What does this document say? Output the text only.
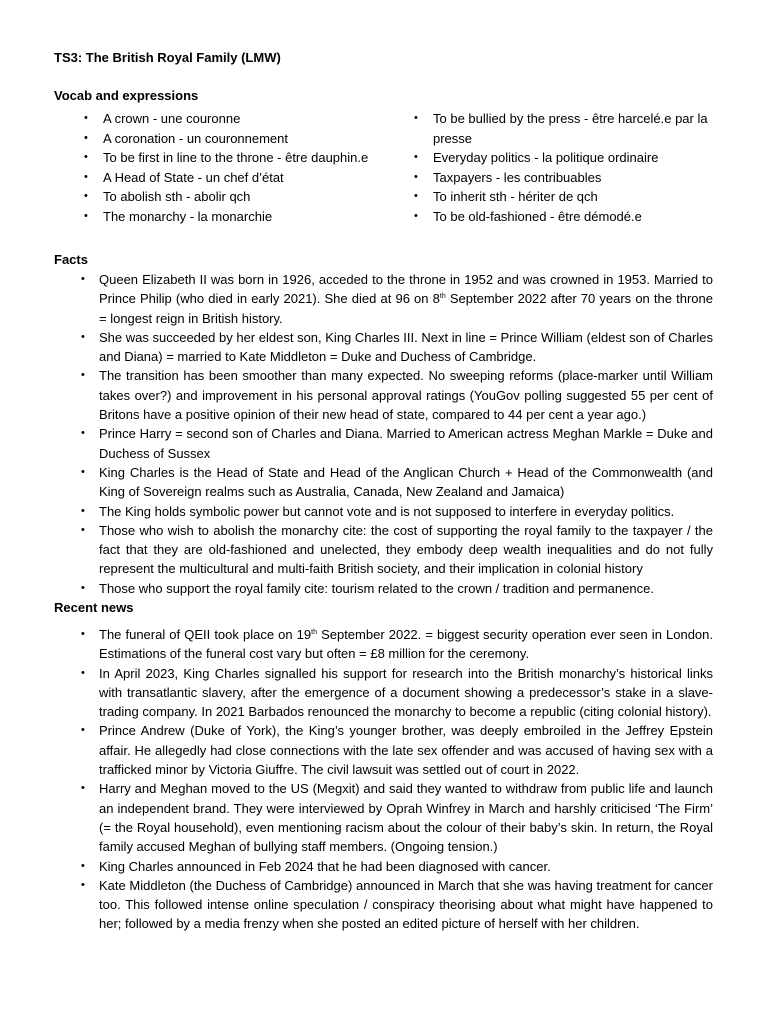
TS3: The British Royal Family (LMW)
Vocab and expressions
• A crown - une couronne
• A coronation - un couronnement
• To be first in line to the throne - être dauphin.e
• A Head of State - un chef d’état
• To abolish sth - abolir qch
• The monarchy - la monarchie
• To be bullied by the press - être harcelé.e par la presse
• Everyday politics - la politique ordinaire
• Taxpayers - les contribuables
• To inherit sth - hériter de qch
• To be old-fashioned - être démodé.e
Facts
• Queen Elizabeth II was born in 1926, acceded to the throne in 1952 and was crowned in 1953. Married to Prince Philip (who died in early 2021). She died at 96 on 8th September 2022 after 70 years on the throne = longest reign in British history.
• She was succeeded by her eldest son, King Charles III. Next in line = Prince William (eldest son of Charles and Diana) = married to Kate Middleton = Duke and Duchess of Cambridge.
• The transition has been smoother than many expected. No sweeping reforms (place-marker until William takes over?) and improvement in his personal approval ratings (YouGov polling suggested 55 per cent of Britons have a positive opinion of their new head of state, compared to 44 per cent a year ago.)
• Prince Harry = second son of Charles and Diana. Married to American actress Meghan Markle = Duke and Duchess of Sussex
• King Charles is the Head of State and Head of the Anglican Church + Head of the Commonwealth (and King of Sovereign realms such as Australia, Canada, New Zealand and Jamaica)
• The King holds symbolic power but cannot vote and is not supposed to interfere in everyday politics.
• Those who wish to abolish the monarchy cite: the cost of supporting the royal family to the taxpayer / the fact that they are old-fashioned and unelected, they embody deep wealth inequalities and do not fully represent the multicultural and multi-faith British society, and their implication in colonial history
• Those who support the royal family cite: tourism related to the crown / tradition and permanence.
Recent news
• The funeral of QEII took place on 19th September 2022. = biggest security operation ever seen in London. Estimations of the funeral cost vary but often = £8 million for the ceremony.
• In April 2023, King Charles signalled his support for research into the British monarchy’s historical links with transatlantic slavery, after the emergence of a document showing a predecessor’s stake in a slave-trading company. In 2021 Barbados renounced the monarchy to become a republic (citing colonial history).
• Prince Andrew (Duke of York), the King’s younger brother, was deeply embroiled in the Jeffrey Epstein affair. He allegedly had close connections with the late sex offender and was accused of having sex with a trafficked minor by Victoria Giuffre. The civil lawsuit was settled out of court in 2022.
• Harry and Meghan moved to the US (Megxit) and said they wanted to withdraw from public life and launch an independent brand. They were interviewed by Oprah Winfrey in March and harshly criticised ‘The Firm’ (= the Royal household), even mentioning racism about the colour of their baby’s skin. In return, the Royal family accused Meghan of bullying staff members. (Ongoing tension.)
• King Charles announced in Feb 2024 that he had been diagnosed with cancer.
• Kate Middleton (the Duchess of Cambridge) announced in March that she was having treatment for cancer too. This followed intense online speculation / conspiracy theorising about what might have happened to her; followed by a media frenzy when she posted an edited picture of herself with her children.
